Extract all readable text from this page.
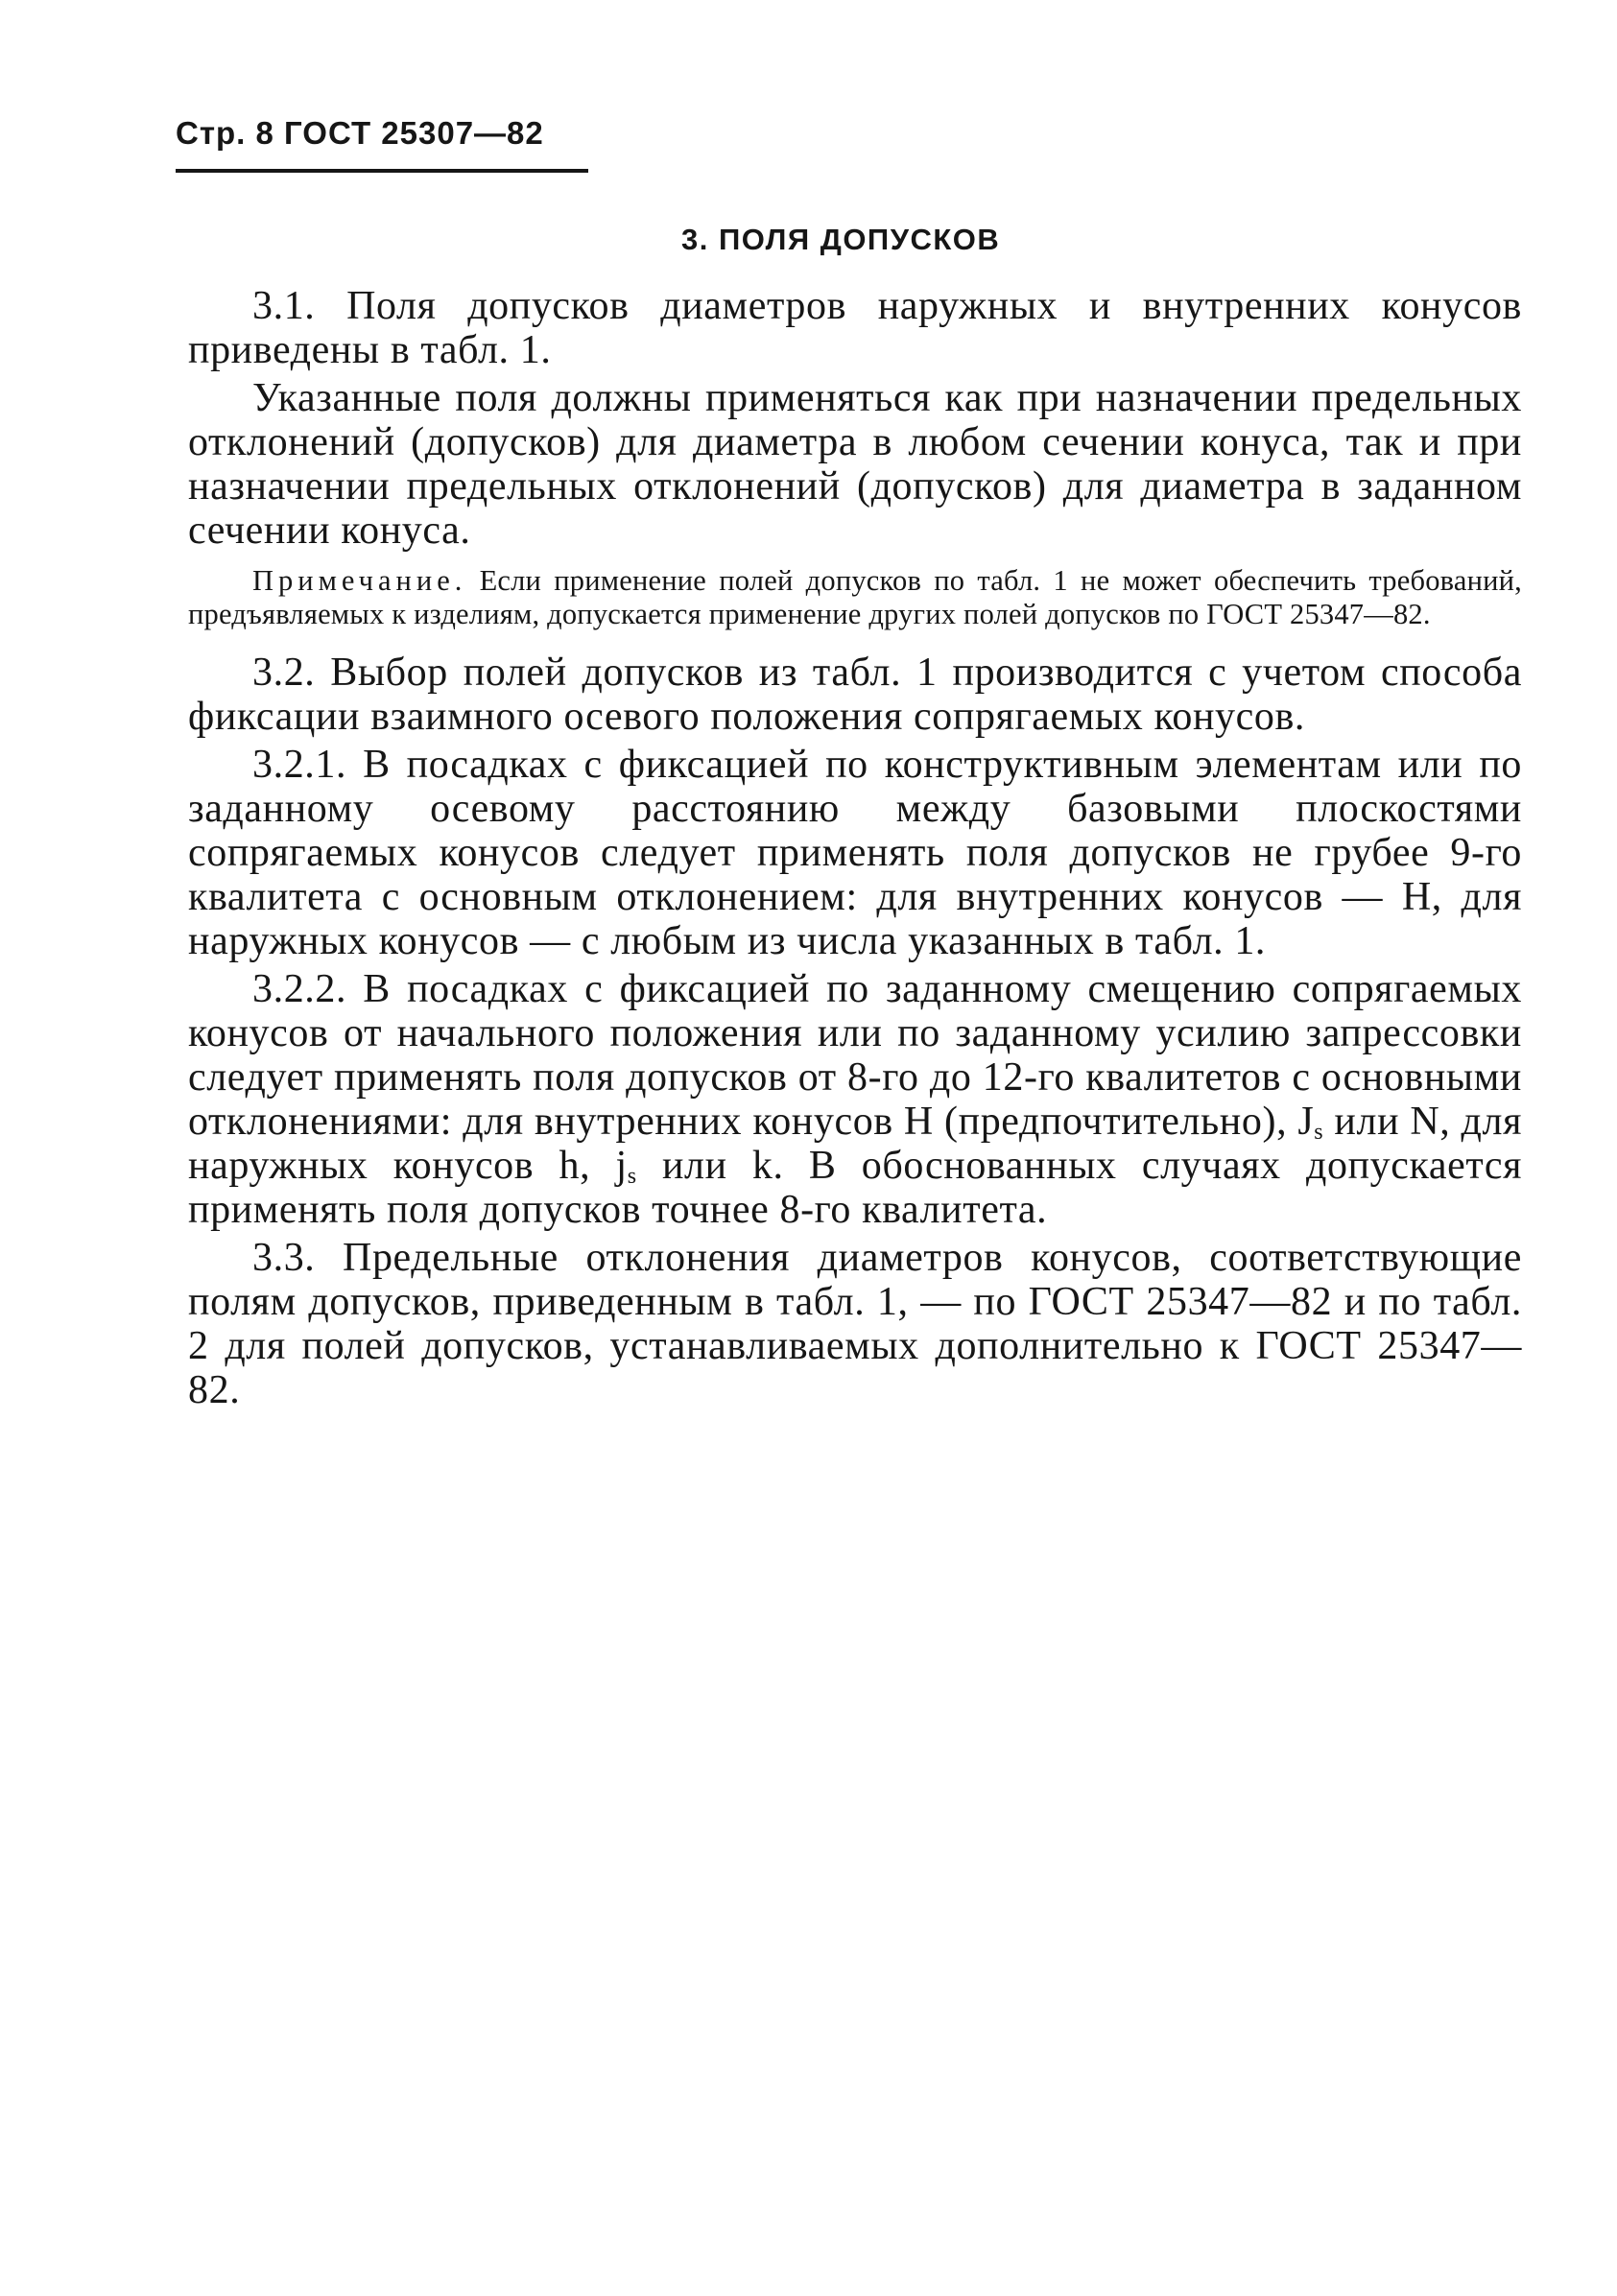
Стр. 8 ГОСТ 25307—82
3. ПОЛЯ ДОПУСКОВ

3.1. Поля допусков диаметров наружных и внутренних конусов приведены в табл. 1.

Указанные поля должны применяться как при назначении предельных отклонений (допусков) для диаметра в любом сечении конуса, так и при назначении предельных отклонений (допусков) для диаметра в заданном сечении конуса.

Примечание. Если применение полей допусков по табл. 1 не может обеспечить требований, предъявляемых к изделиям, допускается применение других полей допусков по ГОСТ 25347—82.

3.2. Выбор полей допусков из табл. 1 производится с учетом способа фиксации взаимного осевого положения сопрягаемых конусов.

3.2.1. В посадках с фиксацией по конструктивным элементам или по заданному осевому расстоянию между базовыми плоскостями сопрягаемых конусов следует применять поля допусков не грубее 9-го квалитета с основным отклонением: для внутренних конусов — Н, для наружных конусов — с любым из числа указанных в табл. 1.

3.2.2. В посадках с фиксацией по заданному смещению сопрягаемых конусов от начального положения или по заданному усилию запрессовки следует применять поля допусков от 8-го до 12-го квалитетов с основными отклонениями: для внутренних конусов Н (предпочтительно), $J_s$ или N, для наружных конусов h, $j_s$ или k. В обоснованных случаях допускается применять поля допусков точнее 8-го квалитета.

3.3. Предельные отклонения диаметров конусов, соответствующие полям допусков, приведенным в табл. 1, — по ГОСТ 25347—82 и по табл. 2 для полей допусков, устанавливаемых дополнительно к ГОСТ 25347—82.
